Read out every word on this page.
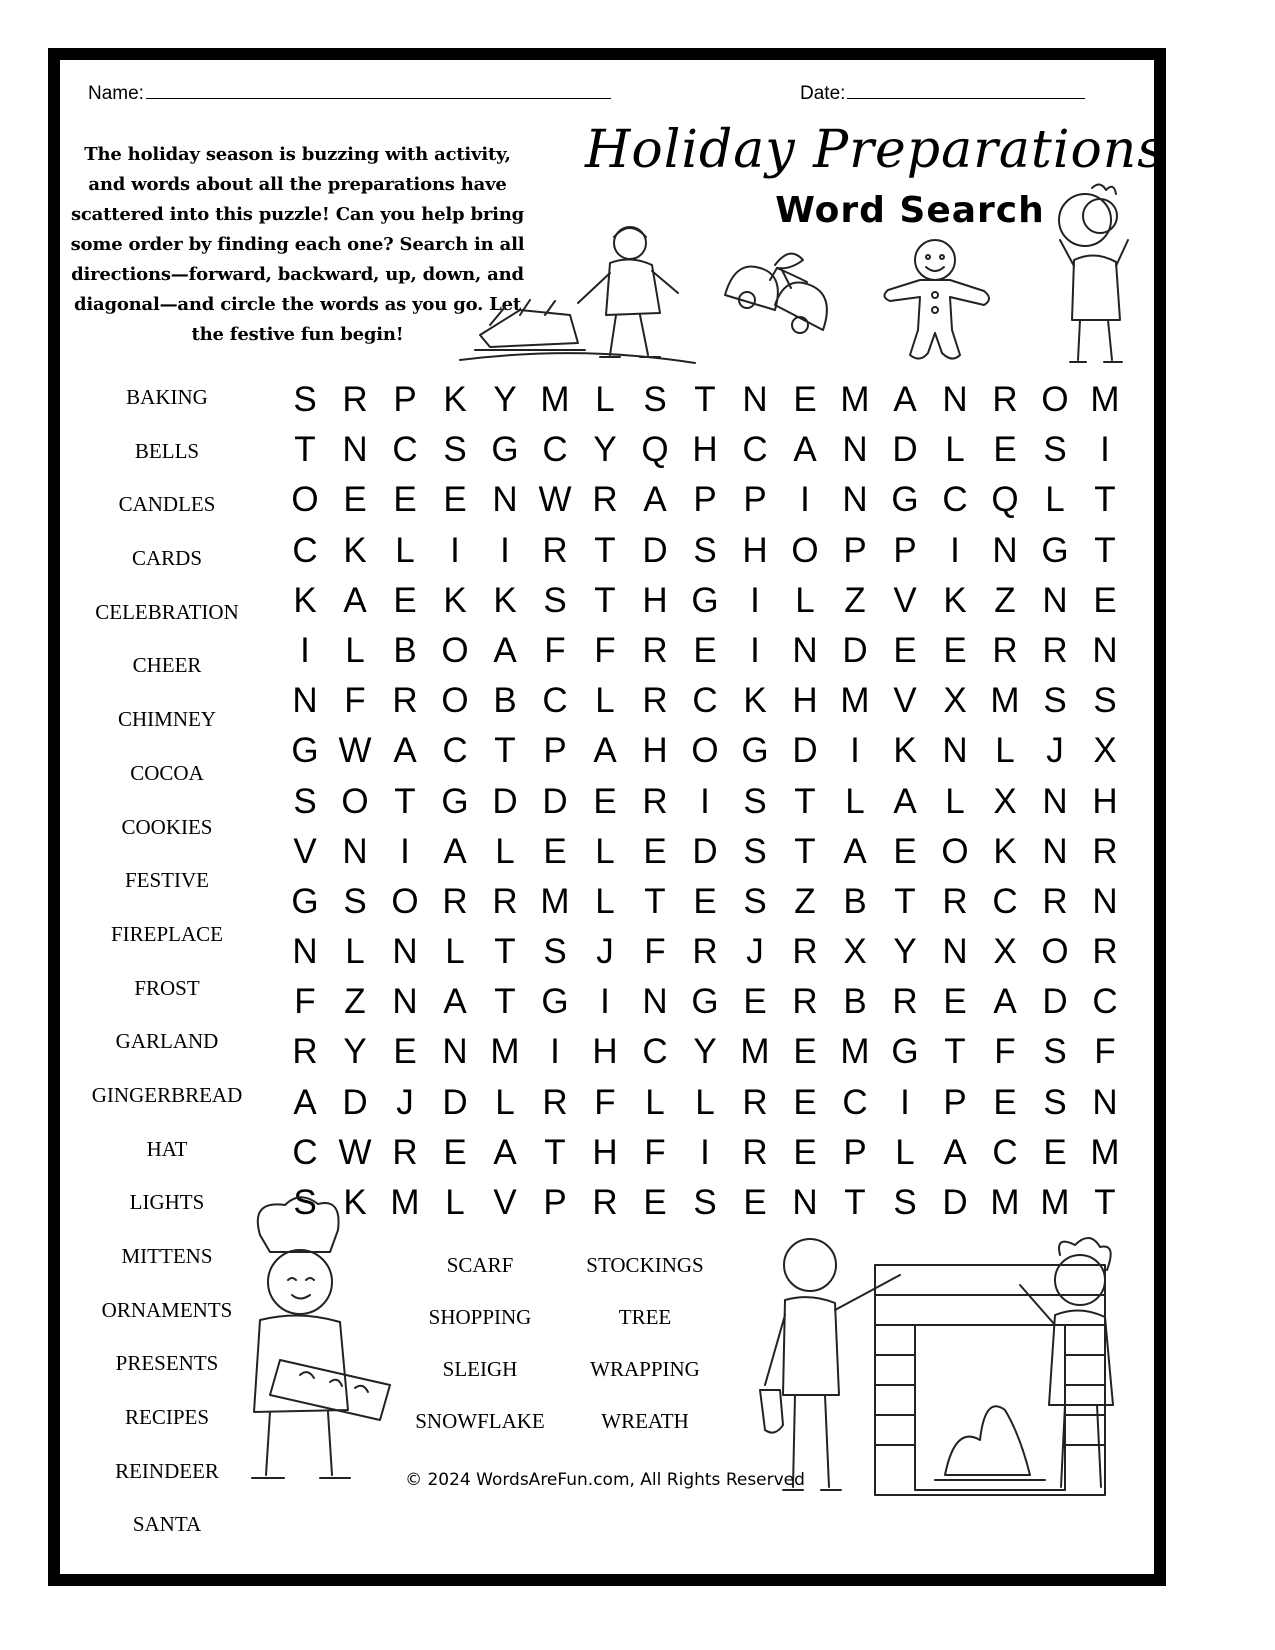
Name:	Date:
The holiday season is buzzing with activity, and words about all the preparations have scattered into this puzzle! Can you help bring some order by finding each one? Search in all directions—forward, backward, up, down, and diagonal—and circle the words as you go. Let the festive fun begin!
Holiday Preparations
Word Search
BAKING
BELLS
CANDLES
CARDS
CELEBRATION
CHEER
CHIMNEY
COCOA
COOKIES
FESTIVE
FIREPLACE
FROST
GARLAND
GINGERBREAD
HAT
LIGHTS
MITTENS
ORNAMENTS
PRESENTS
RECIPES
REINDEER
SANTA
S R P K Y M L S T N E M A N R O M
T N C S G C Y Q H C A N D L E S I
O E E E N W R A P P I N G C Q L T
C K L	I	I R T D S H O P P I N G T
K A E K K S T H G I	L Z V K Z N E
I	L B O A F F R E I N D E E R R N
N F R O B C L R C K H M V X M S S
G W A C T P A H O G D I K N L J X
S O T G D D E R I S T L A L X N H
V N I A L E L E D S T A E O K N R
G S O R R M L T E S Z B T R C R N
N L N L T S J F R J R X Y N X O R
F Z N A T G I N G E R B R E A D C
R Y E N M I H C Y M E M G T F S F
A D J D L R F L L R E C I P E S N
C W R E A T H F I R E P L A C E M
S K M L V P R E S E N T S D M M T
SCARF	STOCKINGS
SHOPPING	TREE
SLEIGH	WRAPPING
SNOWFLAKE	WREATH
© 2024 WordsAreFun.com, All Rights Reserved
